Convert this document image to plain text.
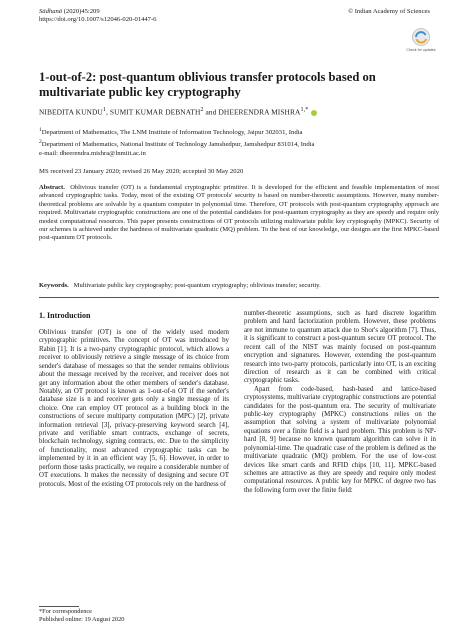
Sādhanā (2020)45:209
https://doi.org/10.1007/s12046-020-01447-6
© Indian Academy of Sciences
Check for updates
1-out-of-2: post-quantum oblivious transfer protocols based on multivariate public key cryptography
NIBEDITA KUNDU$^1$, SUMIT KUMAR DEBNATH$^2$ and DHEERENDRA $MISHRA^{1,*}$
$^1$Department of Mathematics, The LNM Institute of Information Technology, Jaipur 302031, India
$^2$Department of Mathematics, National Institute of Technology Jamshedpur, Jamshedpur 831014, India
e-mail: dheerendra.mishra@lnmiit.ac.in
MS received 23 January 2020; revised 26 May 2020; accepted 30 May 2020
Abstract. Oblivious transfer (OT) is a fundamental cryptographic primitive. It is developed for the efficient and feasible implementation of most advanced cryptographic tasks. Today, most of the existing OT protocols' security is based on number-theoretic assumptions. However, many number-theoretical problems are solvable by a quantum computer in polynomial time. Therefore, OT protocols with post-quantum cryptography approach are required. Multivariate cryptographic constructions are one of the potential candidates for post-quantum cryptography as they are speedy and require only modest computational resources. This paper presents constructions of OT protocols utilizing multivariate public key cryptography (MPKC). Security of our schemes is achieved under the hardness of multivariate quadratic (MQ) problem. To the best of our knowledge, our designs are the first MPKC-based post-quantum OT protocols.
Keywords. Multivariate public key cryptography; post-quantum cryptography; oblivious transfer; security.
1. Introduction

Oblivious transfer (OT) is one of the widely used modern cryptographic primitives. The concept of OT was introduced by Rabin [1]. It is a two-party cryptographic protocol, which allows a receiver to obliviously retrieve a single message of its choice from sender's database of messages so that the sender remains oblivious about the message received by the receiver, and receiver does not get any information about the other members of sender's database. Notably, an OT protocol is known as 1-out-of-n OT if the sender's database size is n and receiver gets only a single message of its choice. One can employ OT protocol as a building block in the constructions of secure multiparty computation (MPC) [2], private information retrieval [3], privacy-preserving keyword search [4], private and verifiable smart contracts, exchange of secrets, blockchain technology, signing contracts, etc. Due to the simplicity of functionality, most advanced cryptographic tasks can be implemented by it in an efficient way [5, 6]. However, in order to perform those tasks practically, we require a considerable number of OT executions. It makes the necessity of designing and secure OT protocols. Most of the existing OT protocols rely on the hardness of

number-theoretic assumptions, such as hard discrete logarithm problem and hard factorization problem. However, these problems are not immune to quantum attack due to Shor's algorithm [7]. Thus, it is significant to construct a post-quantum secure OT protocol. The recent call of the NIST was mainly focused on post-quantum encryption and signatures. However, extending the post-quantum research into two-party protocols, particularly into OT, is an exciting direction of research as it can be combined with critical cryptographic tasks.

Apart from code-based, hash-based and lattice-based cryptosystems, multivariate cryptographic constructions are potential candidates for the post-quantum era. The security of multivariate public-key cryptography (MPKC) constructions relies on the assumption that solving a system of multivariate polynomial equations over a finite field is a hard problem. This problem is NP-hard [8, 9] because no known quantum algorithm can solve it in polynomial-time. The quadratic case of the problem is defined as the multivariate quadratic (MQ) problem. For the use of low-cost devices like smart cards and RFID chips [10, 11], MPKC-based schemes are attractive as they are speedy and require only modest computational resources. A public key for MPKC of degree two has the following form over the finite field:

*For correspondence
Published online: 19 August 2020
